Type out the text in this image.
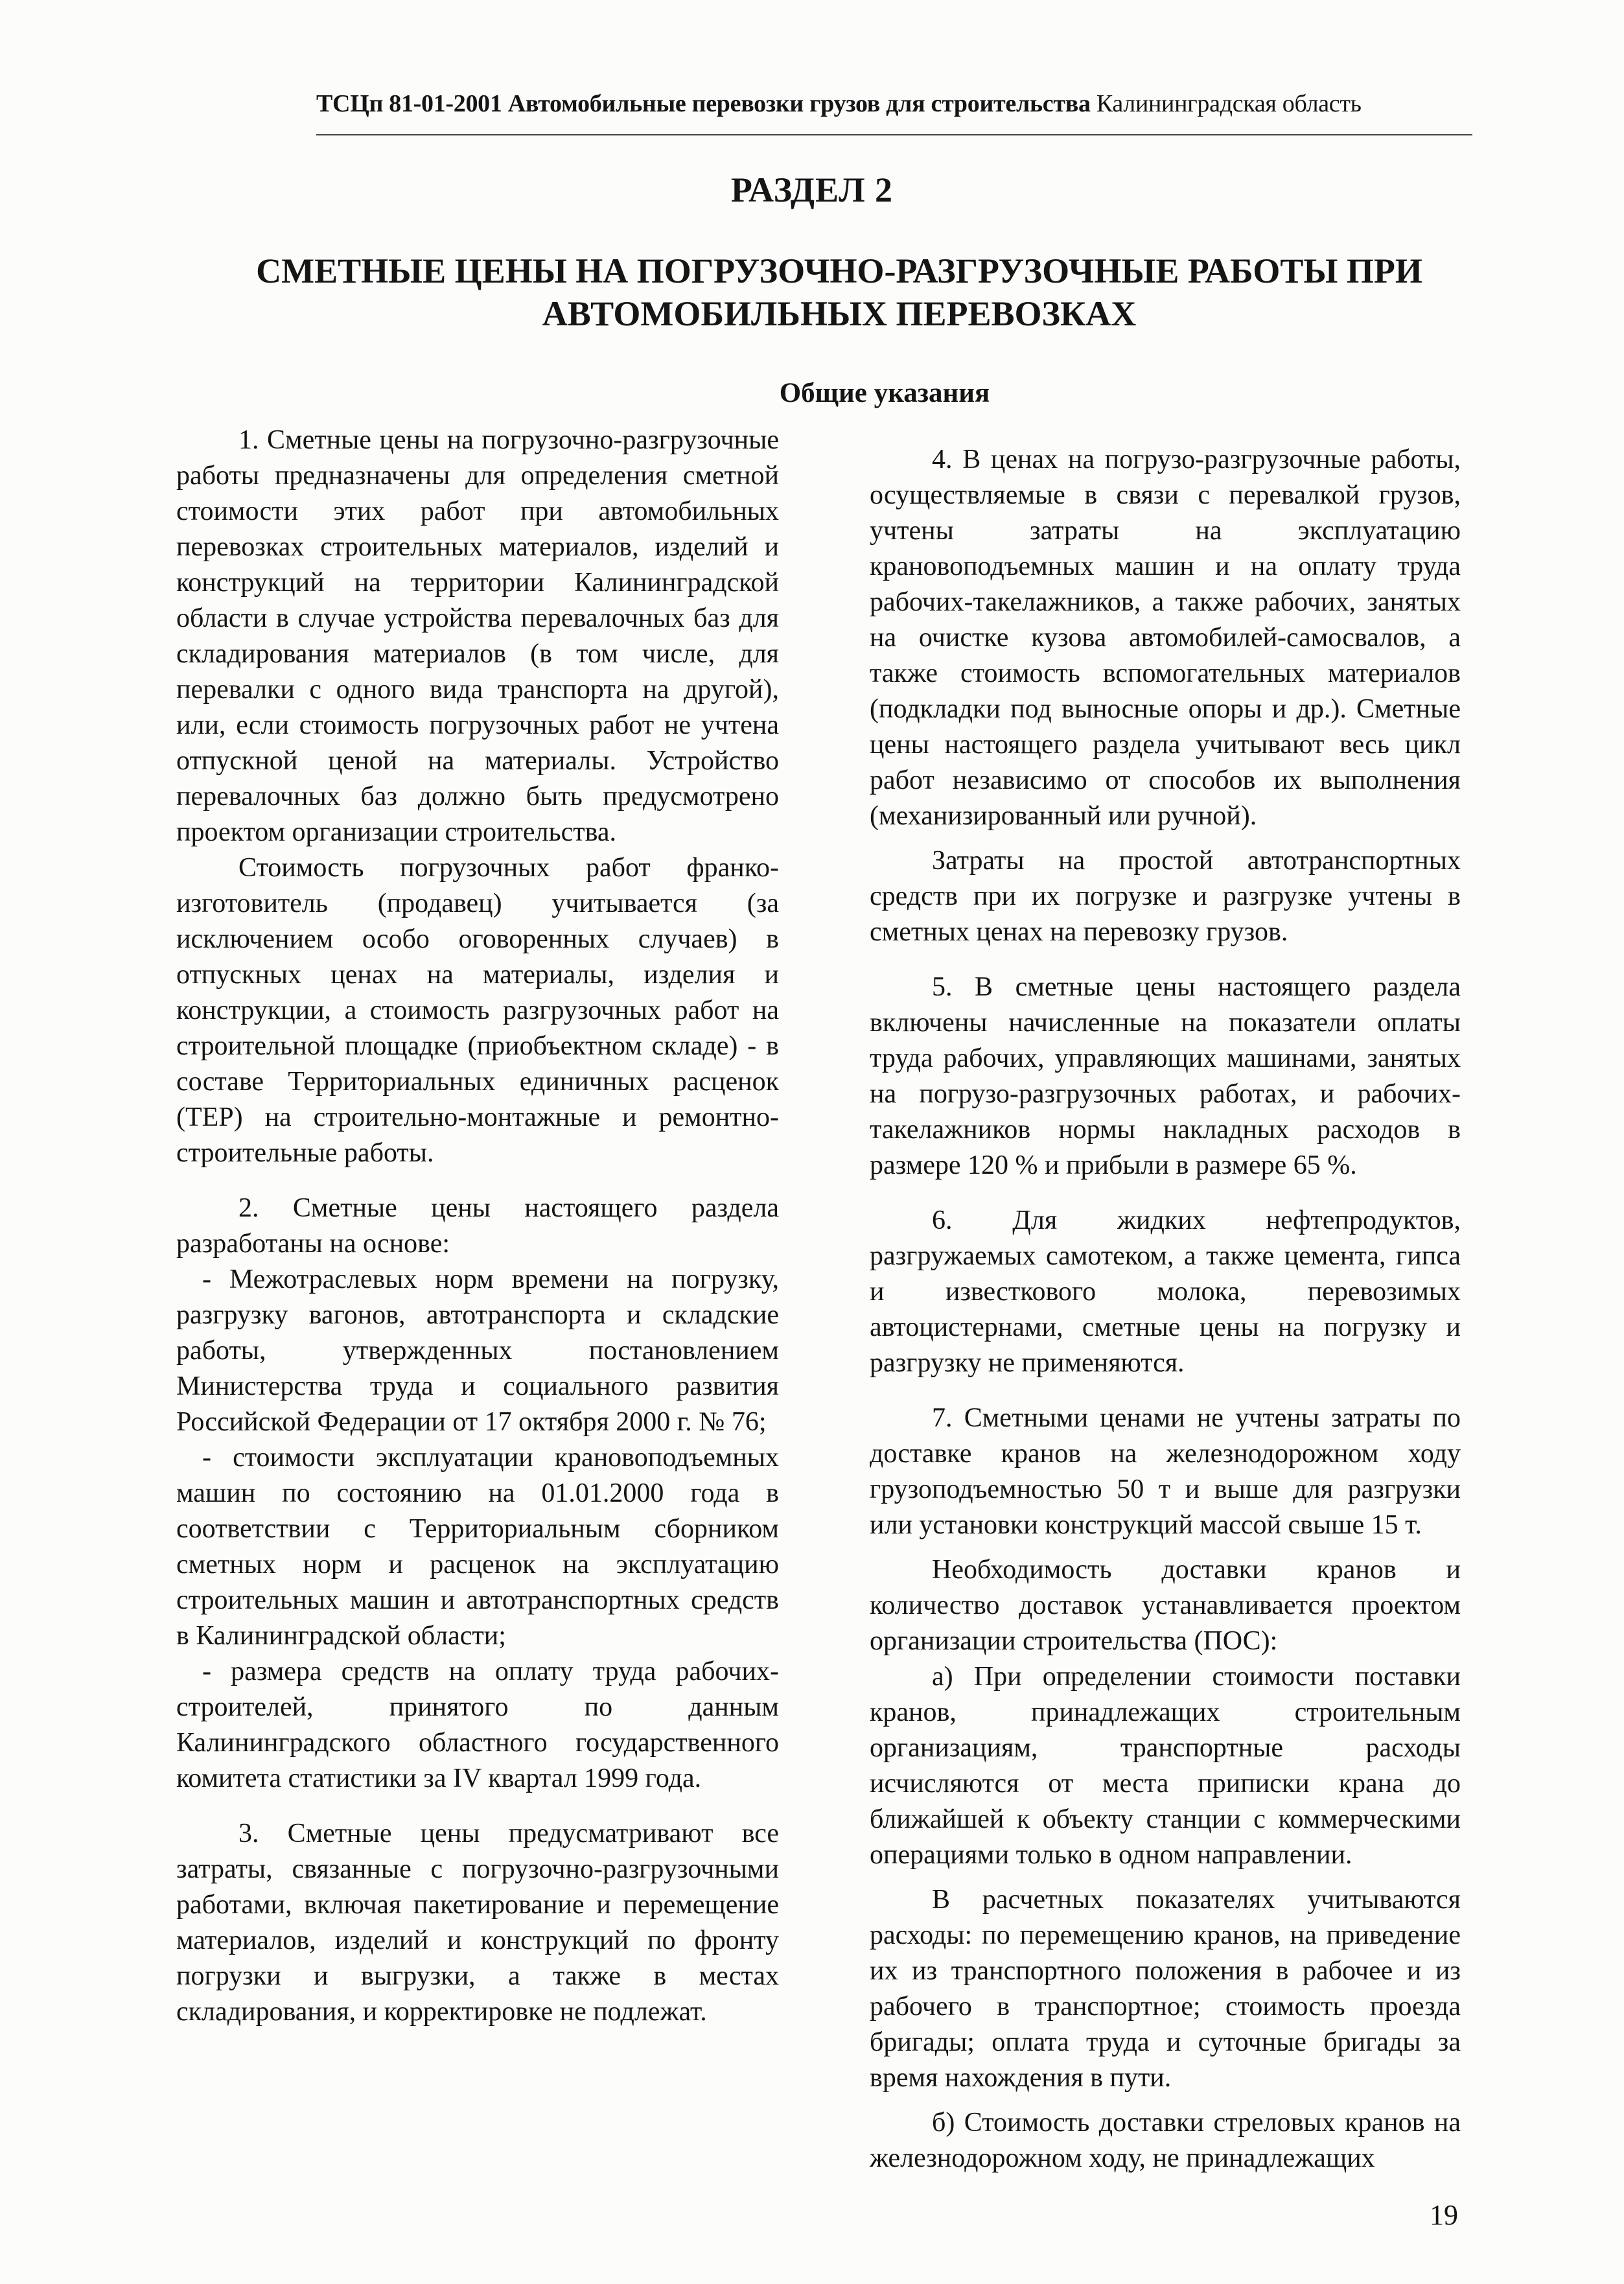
ТСЦп 81-01-2001 Автомобильные перевозки грузов для строительства Калининградская область
РАЗДЕЛ 2
СМЕТНЫЕ ЦЕНЫ НА ПОГРУЗОЧНО-РАЗГРУЗОЧНЫЕ РАБОТЫ ПРИ
АВТОМОБИЛЬНЫХ ПЕРЕВОЗКАХ
Общие указания

1. Сметные цены на погрузочно-разгрузочные работы предназначены для определения сметной стоимости этих работ при автомобильных перевозках строительных материалов, изделий и конструкций на территории Калининградской области в случае устройства перевалочных баз для складирования материалов (в том числе, для перевалки с одного вида транспорта на другой), или, если стоимость погрузочных работ не учтена отпускной ценой на материалы. Устройство перевалочных баз должно быть предусмотрено проектом организации строительства.

Стоимость погрузочных работ франко-изготовитель (продавец) учитывается (за исключением особо оговоренных случаев) в отпускных ценах на материалы, изделия и конструкции, а стоимость разгрузочных работ на строительной площадке (приобъектном складе) - в составе Территориальных единичных расценок (ТЕР) на строительно-монтажные и ремонтно-строительные работы.

2. Сметные цены настоящего раздела разработаны на основе:

- Межотраслевых норм времени на погрузку, разгрузку вагонов, автотранспорта и складские работы, утвержденных постановлением Министерства труда и социального развития Российской Федерации от 17 октября 2000 г. № 76;

- стоимости эксплуатации крановоподъемных машин по состоянию на 01.01.2000 года в соответствии с Территориальным сборником сметных норм и расценок на эксплуатацию строительных машин и автотранспортных средств в Калининградской области;

- размера средств на оплату труда рабочих-строителей, принятого по данным Калининградского областного государственного комитета статистики за IV квартал 1999 года.

3. Сметные цены предусматривают все затраты, связанные с погрузочно-разгрузочными работами, включая пакетирование и перемещение материалов, изделий и конструкций по фронту погрузки и выгрузки, а также в местах складирования, и корректировке не подлежат.

4. В ценах на погрузо-разгрузочные работы, осуществляемые в связи с перевалкой грузов, учтены затраты на эксплуатацию крановоподъемных машин и на оплату труда рабочих-такелажников, а также рабочих, занятых на очистке кузова автомобилей-самосвалов, а также стоимость вспомогательных материалов (подкладки под выносные опоры и др.). Сметные цены настоящего раздела учитывают весь цикл работ независимо от способов их выполнения (механизированный или ручной).

Затраты на простой автотранспортных средств при их погрузке и разгрузке учтены в сметных ценах на перевозку грузов.

5. В сметные цены настоящего раздела включены начисленные на показатели оплаты труда рабочих, управляющих машинами, занятых на погрузо-разгрузочных работах, и рабочих-такелажников нормы накладных расходов в размере 120 % и прибыли в размере 65 %.

6. Для жидких нефтепродуктов, разгружаемых самотеком, а также цемента, гипса и известкового молока, перевозимых автоцистернами, сметные цены на погрузку и разгрузку не применяются.

7. Сметными ценами не учтены затраты по доставке кранов на железнодорожном ходу грузоподъемностью 50 т и выше для разгрузки или установки конструкций массой свыше 15 т.

Необходимость доставки кранов и количество доставок устанавливается проектом организации строительства (ПОС):

а) При определении стоимости поставки кранов, принадлежащих строительным организациям, транспортные расходы исчисляются от места приписки крана до ближайшей к объекту станции с коммерческими операциями только в одном направлении.

В расчетных показателях учитываются расходы: по перемещению кранов, на приведение их из транспортного положения в рабочее и из рабочего в транспортное; стоимость проезда бригады; оплата труда и суточные бригады за время нахождения в пути.

б) Стоимость доставки стреловых кранов на железнодорожном ходу, не принадлежащих

19
